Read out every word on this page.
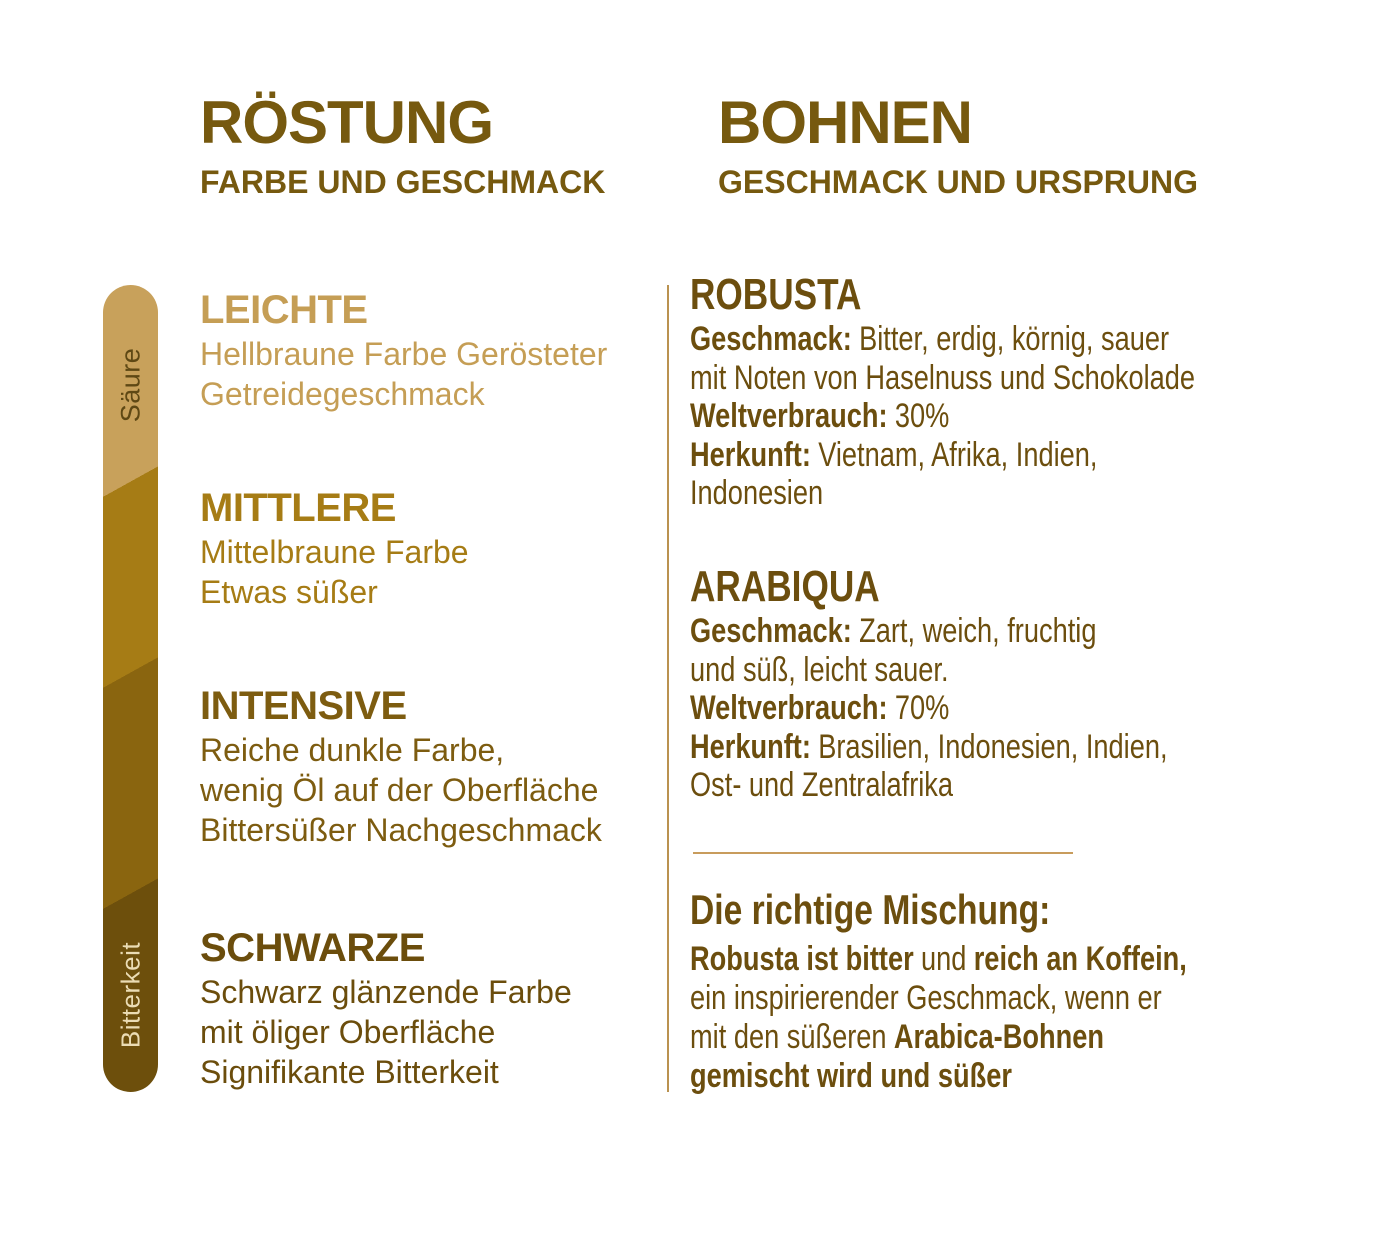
RÖSTUNG
FARBE UND GESCHMACK
BOHNEN
GESCHMACK UND URSPRUNG
Säure
Bitterkeit
LEICHTE
Hellbraune Farbe Gerösteter
Getreidegeschmack
MITTLERE
Mittelbraune Farbe
Etwas süßer
INTENSIVE
Reiche dunkle Farbe,
wenig Öl auf der Oberfläche
Bittersüßer Nachgeschmack
SCHWARZE
Schwarz glänzende Farbe
mit öliger Oberfläche
Signifikante Bitterkeit
ROBUSTA
Geschmack: Bitter, erdig, körnig, sauer
mit Noten von Haselnuss und Schokolade
Weltverbrauch: 30%
Herkunft: Vietnam, Afrika, Indien,
Indonesien
ARABIQUA
Geschmack: Zart, weich, fruchtig
und süß, leicht sauer.
Weltverbrauch: 70%
Herkunft: Brasilien, Indonesien, Indien,
Ost- und Zentralafrika
Die richtige Mischung:
Robusta ist bitter und reich an Koffein,
ein inspirierender Geschmack, wenn er
mit den süßeren Arabica-Bohnen
gemischt wird und süßer
